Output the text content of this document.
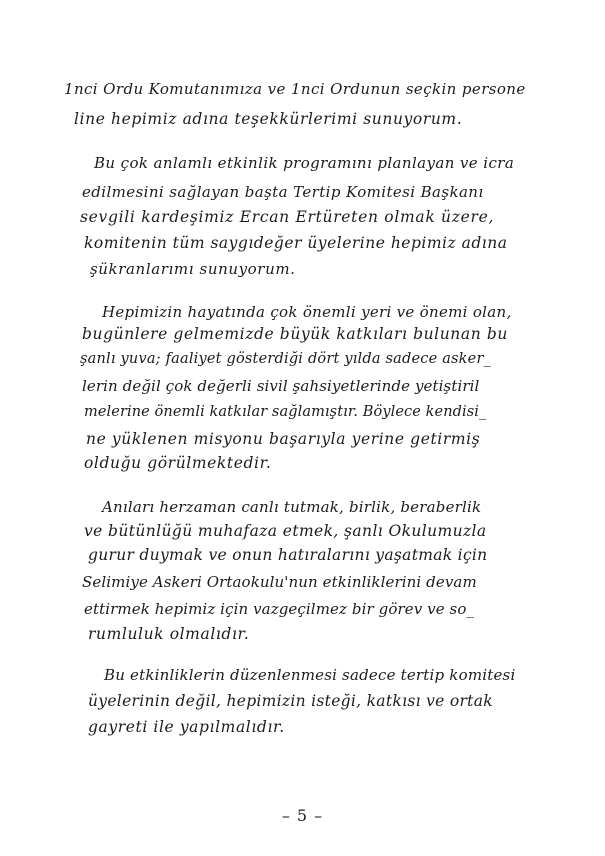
1nci Ordu Komutanımıza ve 1nci Ordunun seçkin persone
line hepimiz adına teşekkürlerimi sunuyorum.
Bu çok anlamlı etkinlik programını planlayan ve icra
edilmesini sağlayan başta Tertip Komitesi Başkanı
sevgili kardeşimiz Ercan Ertüreten olmak üzere,
komitenin tüm saygıdeğer üyelerine hepimiz adına
şükranlarımı sunuyorum.
Hepimizin hayatında çok önemli yeri ve önemi olan,
bugünlere gelmemizde büyük katkıları bulunan bu
şanlı yuva; faaliyet gösterdiği dört yılda sadece asker_
lerin değil çok değerli sivil şahsiyetlerinde yetiştiril
melerine önemli katkılar sağlamıştır. Böylece kendisi_
ne yüklenen misyonu başarıyla yerine getirmiş
olduğu görülmektedir.
Anıları herzaman canlı tutmak, birlik, beraberlik
ve bütünlüğü muhafaza etmek, şanlı Okulumuzla
gurur duymak ve onun hatıralarını yaşatmak için
Selimiye Askeri Ortaokulu'nun etkinliklerini devam
ettirmek hepimiz için vazgeçilmez bir görev ve so_
rumluluk olmalıdır.
Bu etkinliklerin düzenlenmesi sadece tertip komitesi
üyelerinin değil, hepimizin isteği, katkısı ve ortak
gayreti ile yapılmalıdır.
– 5 –
